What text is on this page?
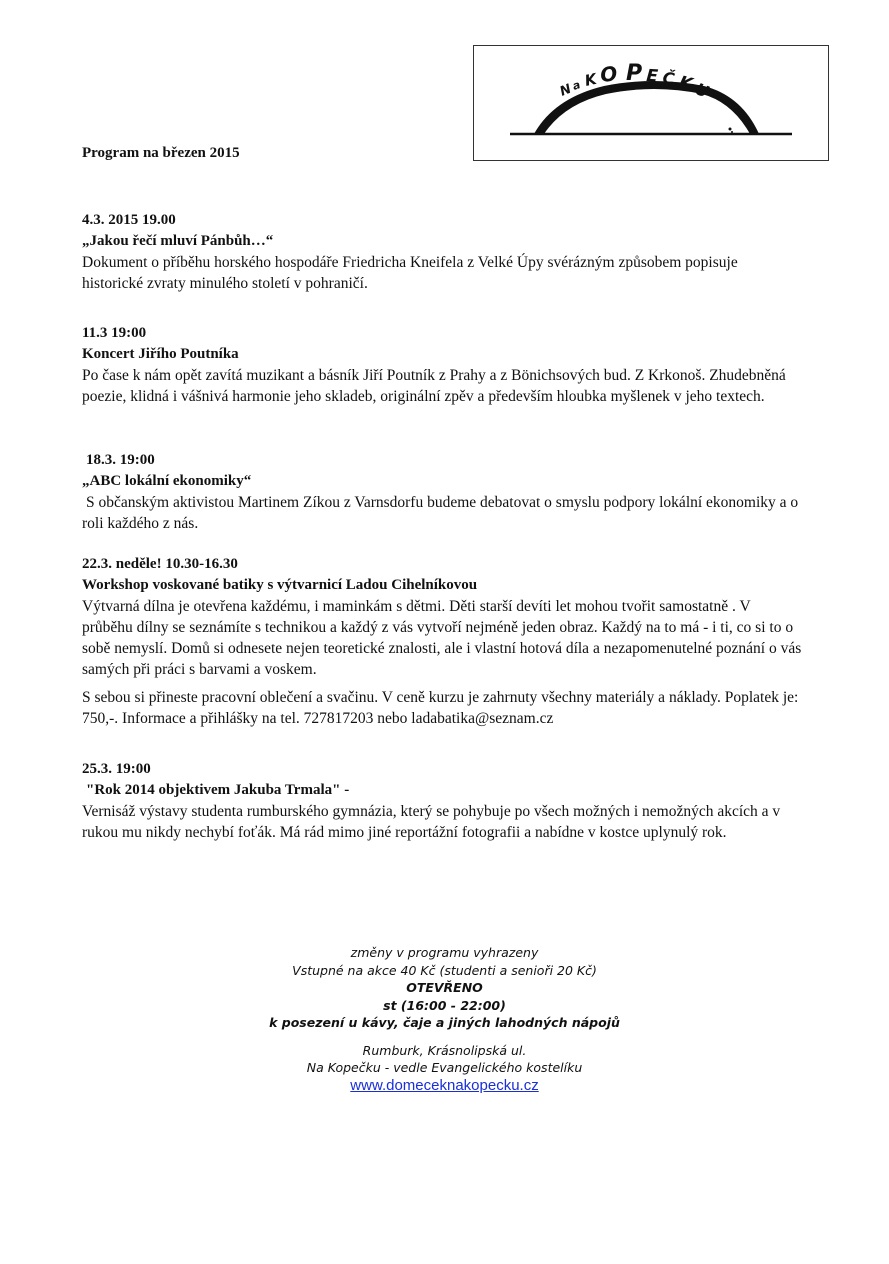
N
a K O P E Č K
U
Program na březen 2015
4.3. 2015 19.00
„Jakou řečí mluví Pánbůh…“

Dokument o příběhu horského hospodáře Friedricha Kneifela z Velké Úpy svérázným způsobem popisuje historické zvraty minulého století v pohraničí.

11.3 19:00
Koncert Jiřího Poutníka

Po čase k nám opět zavítá muzikant a básník Jiří Poutník z Prahy a z Bönichsových bud. Z Krkonoš. Zhudebněná poezie, klidná i vášnivá harmonie jeho skladeb, originální zpěv a především hloubka myšlenek v jeho textech.

18.3. 19:00
„ABC lokální ekonomiky“

S občanským aktivistou Martinem Zíkou z Varnsdorfu budeme debatovat o smyslu podpory lokální ekonomiky a o roli každého z nás.

22.3. neděle! 10.30-16.30
Workshop voskované batiky s výtvarnicí Ladou Cihelníkovou

Výtvarná dílna je otevřena každému, i maminkám s dětmi. Děti starší devíti let mohou tvořit samostatně . V průběhu dílny se seznámíte s technikou a každý z vás vytvoří nejméně jeden obraz. Každý na to má - i ti, co si to o sobě nemyslí. Domů si odnesete nejen teoretické znalosti, ale i vlastní hotová díla a nezapomenutelné poznání o vás samých při práci s barvami a voskem.

S sebou si přineste pracovní oblečení a svačinu. V ceně kurzu je zahrnuty všechny materiály a náklady. Poplatek je: 750,-. Informace a přihlášky na tel. 727817203 nebo ladabatika@seznam.cz

25.3. 19:00
"Rok 2014 objektivem Jakuba Trmala" -

Vernisáž výstavy studenta rumburského gymnázia, který se pohybuje po všech možných i nemožných akcích a v rukou mu nikdy nechybí foťák. Má rád mimo jiné reportážní fotografii a nabídne v kostce uplynulý rok.

změny v programu vyhrazeny
Vstupné na akce 40 Kč (studenti a senioři 20 Kč)
OTEVŘENO
st (16:00 - 22:00)
k posezení u kávy, čaje a jiných lahodných nápojů
Rumburk, Krásnolipská ul.
Na Kopečku - vedle Evangelického kostelíku
www.domeceknakopecku.cz
